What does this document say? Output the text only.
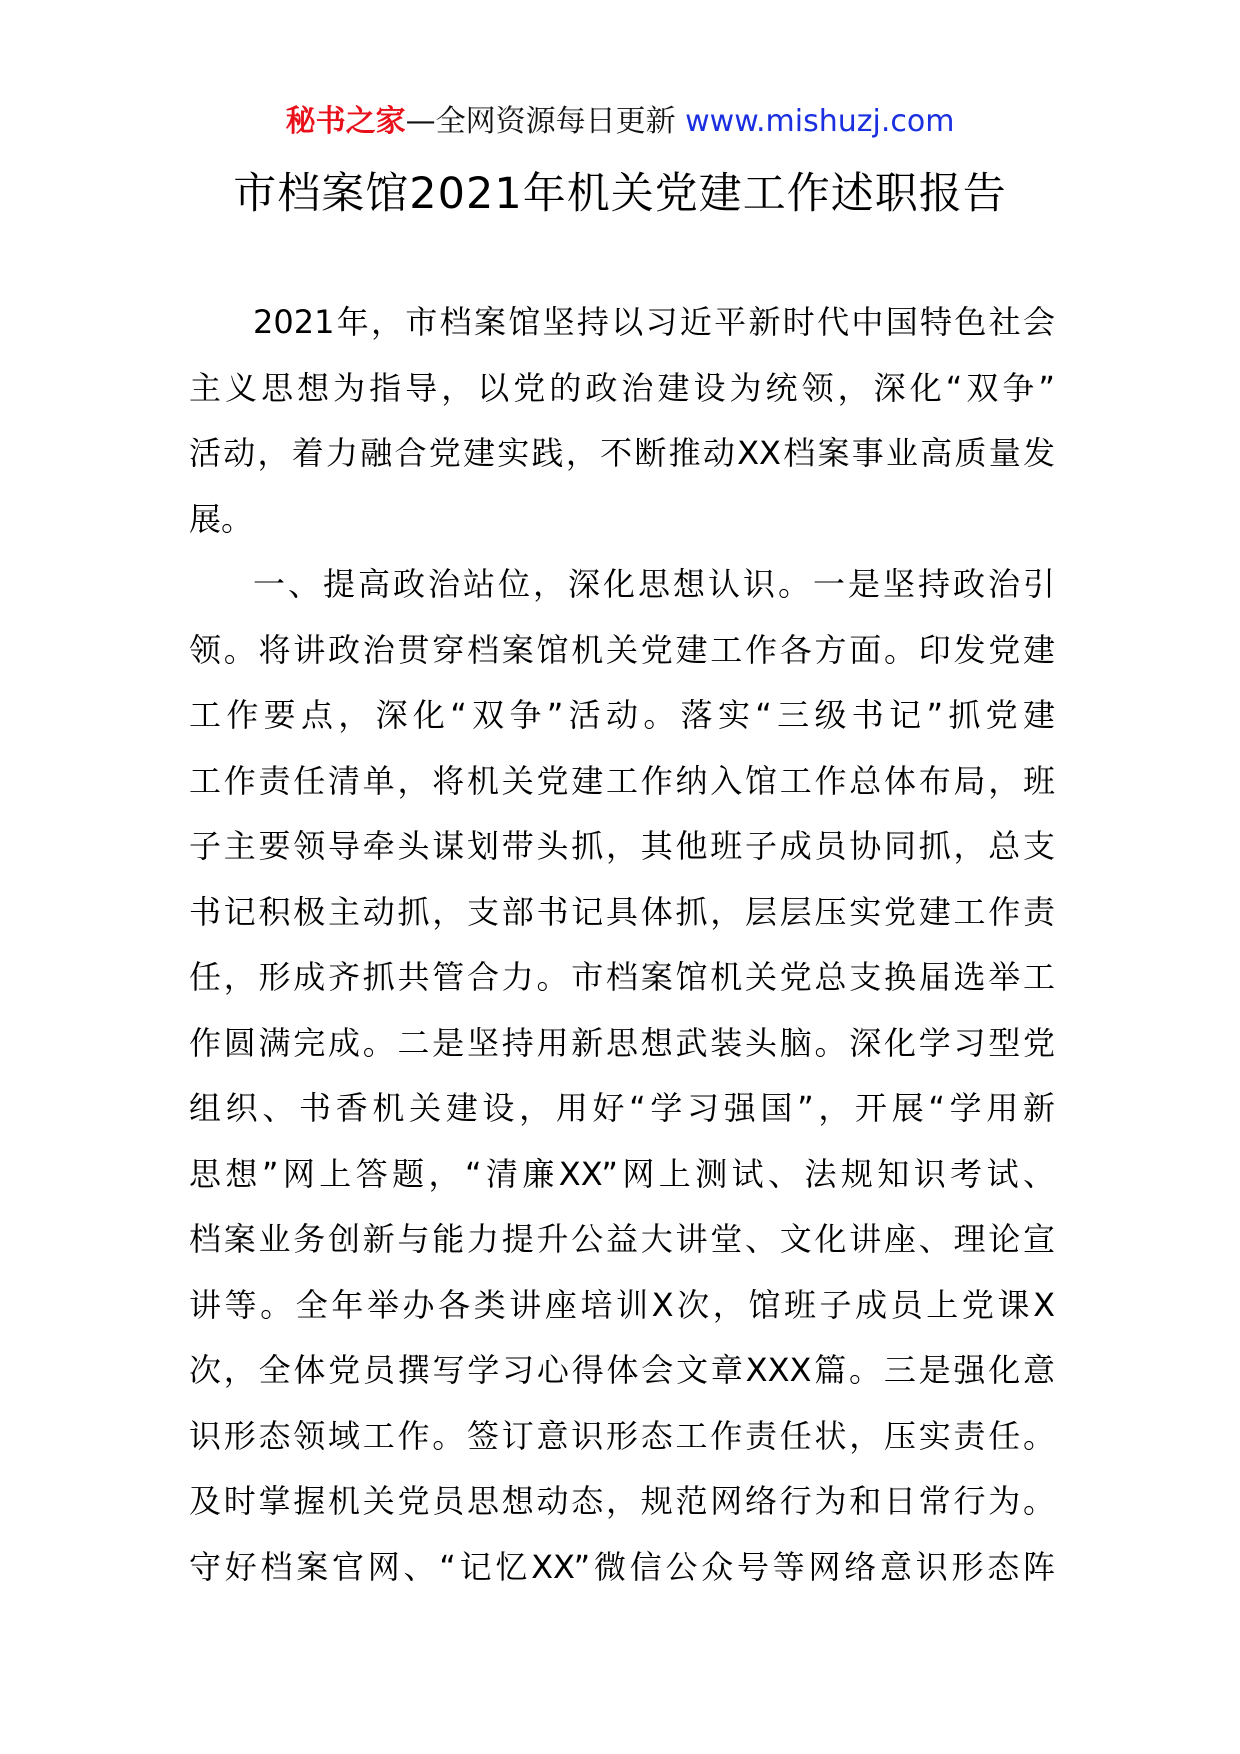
秘书之家—全网资源每日更新 www.mishuzj.com
市档案馆2021年机关党建工作述职报告

2021年，市档案馆坚持以习近平新时代中国特色社会
主义思想为指导，以党的政治建设为统领，深化“双争”
活动，着力融合党建实践，不断推动XX档案事业高质量发
展。

一、提高政治站位，深化思想认识。一是坚持政治引
领。将讲政治贯穿档案馆机关党建工作各方面。印发党建
工作要点，深化“双争”活动。落实“三级书记”抓党建
工作责任清单，将机关党建工作纳入馆工作总体布局，班
子主要领导牵头谋划带头抓，其他班子成员协同抓，总支
书记积极主动抓，支部书记具体抓，层层压实党建工作责
任，形成齐抓共管合力。市档案馆机关党总支换届选举工
作圆满完成。二是坚持用新思想武装头脑。深化学习型党
组织、书香机关建设，用好“学习强国”，开展“学用新
思想”网上答题，“清廉XX”网上测试、法规知识考试、
档案业务创新与能力提升公益大讲堂、文化讲座、理论宣
讲等。全年举办各类讲座培训X次，馆班子成员上党课X
次，全体党员撰写学习心得体会文章XXX篇。三是强化意
识形态领域工作。签订意识形态工作责任状，压实责任。
及时掌握机关党员思想动态，规范网络行为和日常行为。
守好档案官网、“记忆XX”微信公众号等网络意识形态阵
